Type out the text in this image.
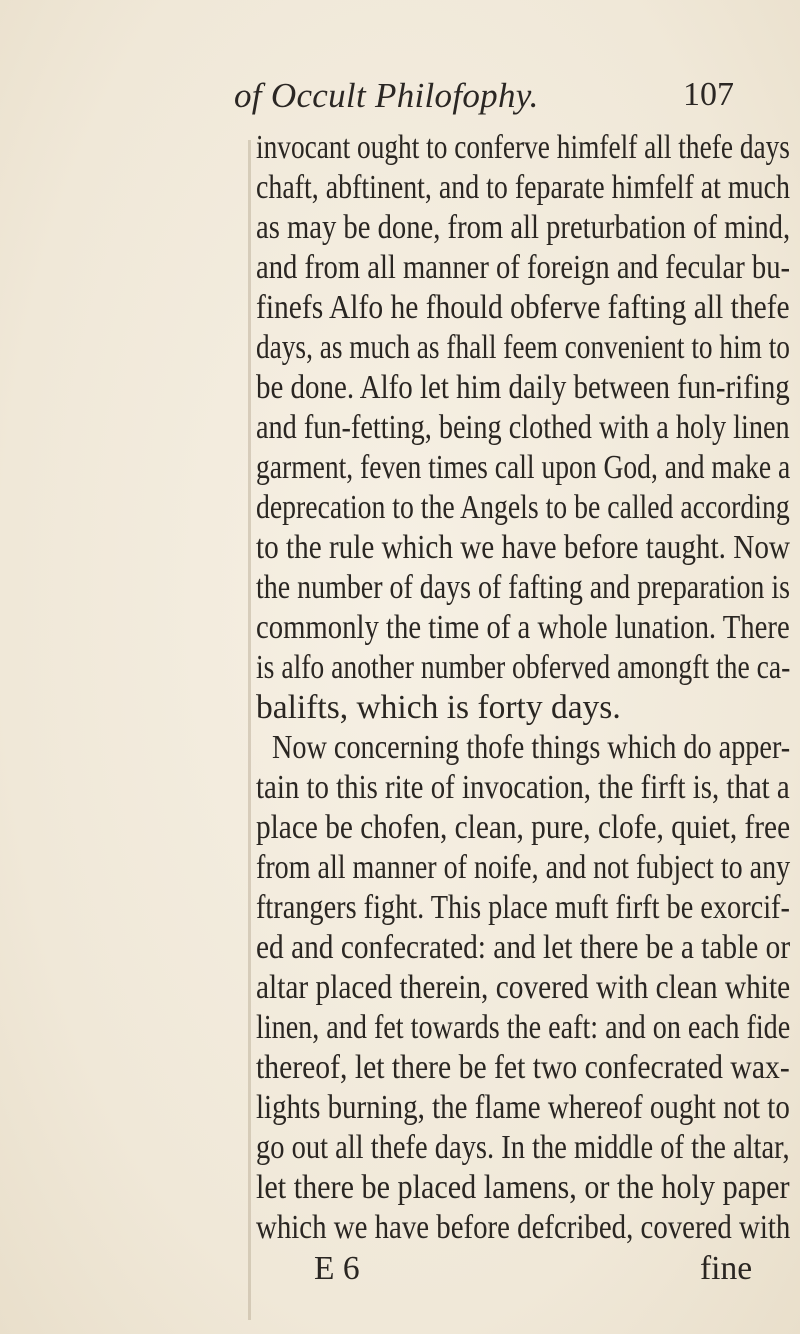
of Occult Philofophy.	107
invocant ought to conferve himfelf all thefe days
chaft, abftinent, and to feparate himfelf at much
as may be done, from all preturbation of mind,
and from all manner of foreign and fecular bu-
finefs Alfo he fhould obferve fafting all thefe
days, as much as fhall feem convenient to him to
be done. Alfo let him daily between fun-rifing
and fun-fetting, being clothed with a holy linen
garment, feven times call upon God, and make a
deprecation to the Angels to be called according
to the rule which we have before taught. Now
the number of days of fafting and preparation is
commonly the time of a whole lunation. There
is alfo another number obferved amongft the ca-
balifts, which is forty days.
Now concerning thofe things which do apper-
tain to this rite of invocation, the firft is, that a
place be chofen, clean, pure, clofe, quiet, free
from all manner of noife, and not fubject to any
ftrangers fight. This place muft firft be exorcif-
ed and confecrated: and let there be a table or
altar placed therein, covered with clean white
linen, and fet towards the eaft: and on each fide
thereof, let there be fet two confecrated wax-
lights burning, the flame whereof ought not to
go out all thefe days. In the middle of the altar,
let there be placed lamens, or the holy paper
which we have before defcribed, covered with
E 6	fine
